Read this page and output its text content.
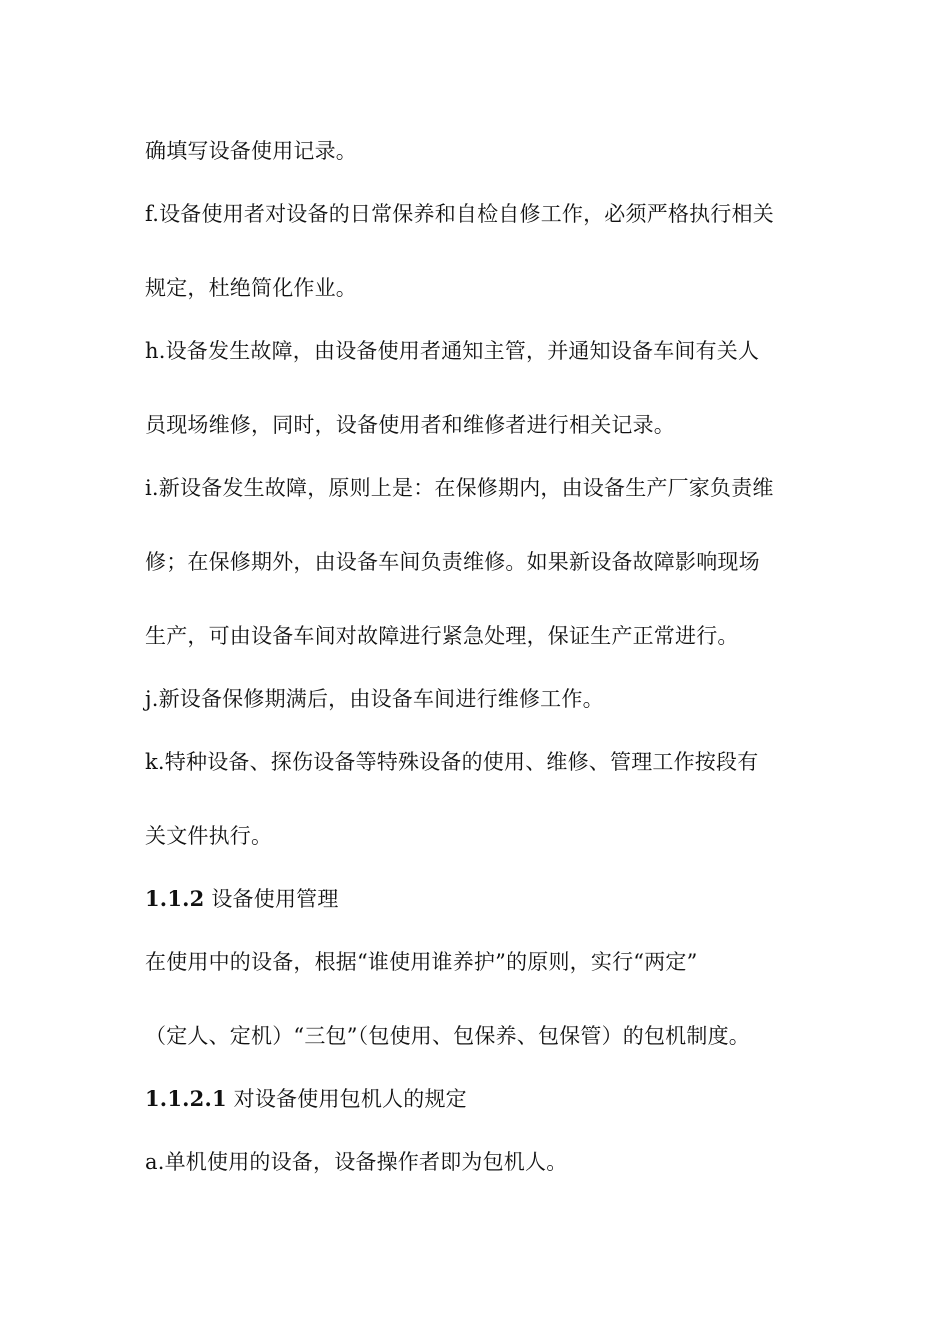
确填写设备使用记录。
f.设备使用者对设备的日常保养和自检自修工作，必须严格执行相关
规定，杜绝简化作业。
h.设备发生故障，由设备使用者通知主管，并通知设备车间有关人
员现场维修，同时，设备使用者和维修者进行相关记录。
i.新设备发生故障，原则上是：在保修期内，由设备生产厂家负责维
修；在保修期外，由设备车间负责维修。如果新设备故障影响现场
生产，可由设备车间对故障进行紧急处理，保证生产正常进行。
j.新设备保修期满后，由设备车间进行维修工作。
k.特种设备、探伤设备等特殊设备的使用、维修、管理工作按段有
关文件执行。
1.1.2 设备使用管理
在使用中的设备，根据“谁使用谁养护”的原则，实行“两定”
（定人、定机）“三包”（包使用、包保养、包保管）的包机制度。
1.1.2.1 对设备使用包机人的规定
a.单机使用的设备，设备操作者即为包机人。
